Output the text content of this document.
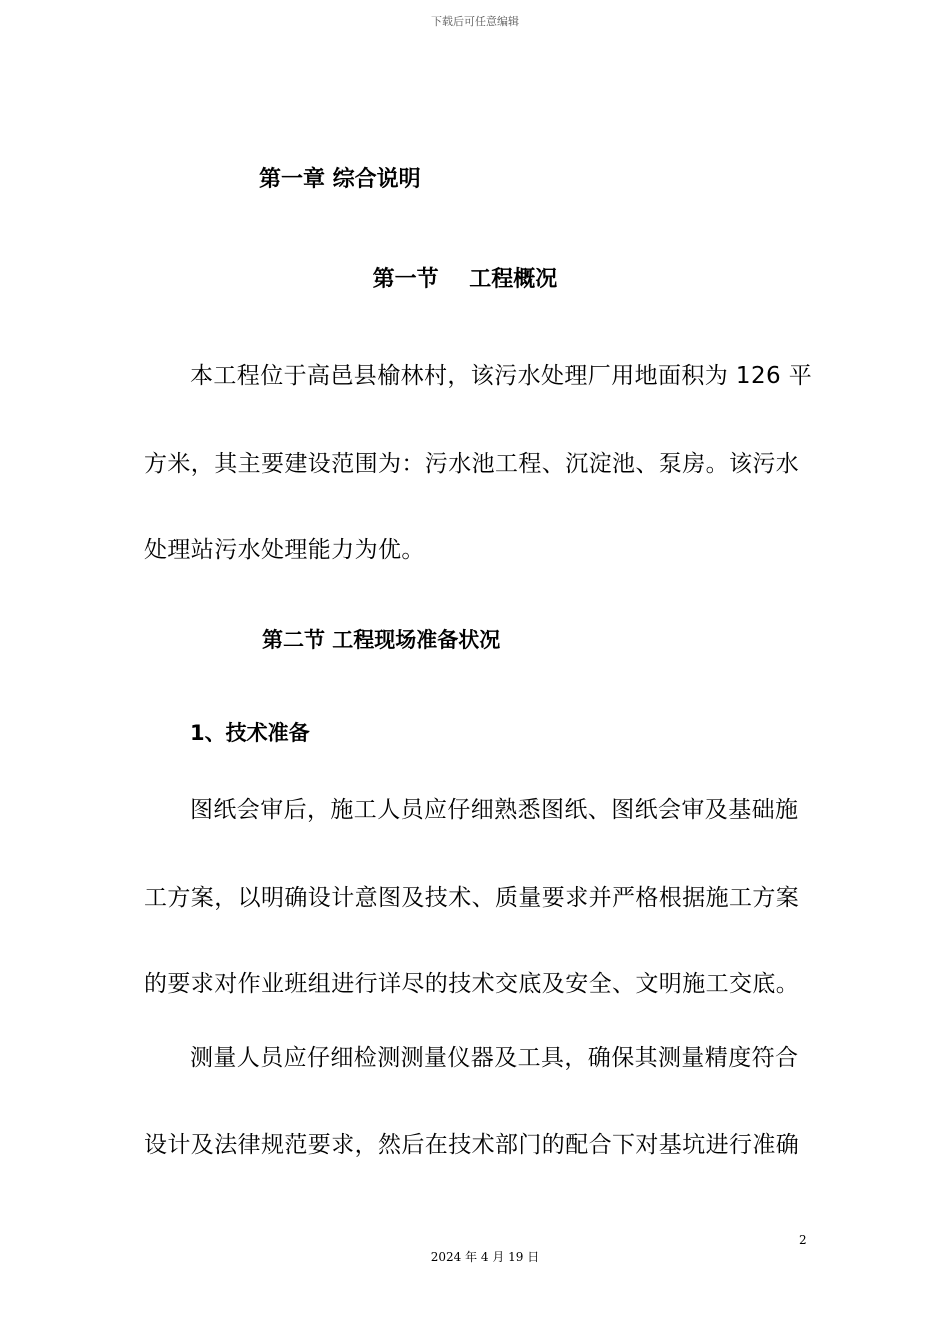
下载后可任意编辑
第一章 综合说明
第一节    工程概况
本工程位于高邑县榆林村，该污水处理厂用地面积为 126 平
方米，其主要建设范围为：污水池工程、沉淀池、泵房。该污水
处理站污水处理能力为优。
第二节 工程现场准备状况
1、技术准备
图纸会审后，施工人员应仔细熟悉图纸、图纸会审及基础施
工方案，以明确设计意图及技术、质量要求并严格根据施工方案
的要求对作业班组进行详尽的技术交底及安全、文明施工交底。
测量人员应仔细检测测量仪器及工具，确保其测量精度符合
设计及法律规范要求，然后在技术部门的配合下对基坑进行准确
2
2024 年 4 月 19 日
